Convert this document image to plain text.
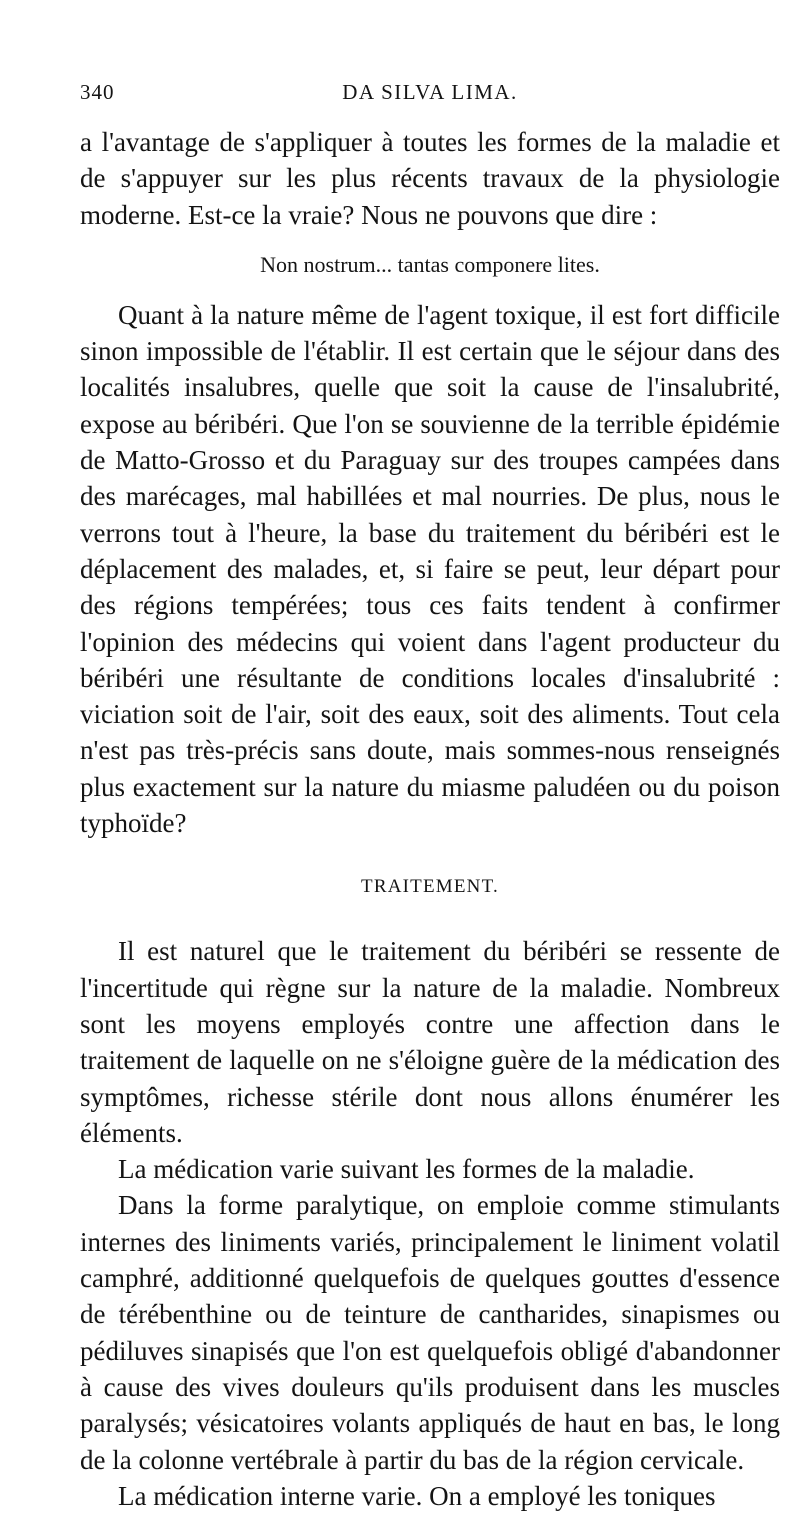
340	DA SILVA LIMA.

a l'avantage de s'appliquer à toutes les formes de la maladie et de s'appuyer sur les plus récents travaux de la physiologie moderne. Est-ce la vraie? Nous ne pouvons que dire :

Non nostrum... tantas componere lites.

Quant à la nature même de l'agent toxique, il est fort difficile sinon impossible de l'établir. Il est certain que le séjour dans des localités insalubres, quelle que soit la cause de l'insalubrité, expose au béribéri. Que l'on se souvienne de la terrible épidémie de Matto-Grosso et du Paraguay sur des troupes campées dans des marécages, mal habillées et mal nourries. De plus, nous le verrons tout à l'heure, la base du traitement du béribéri est le déplacement des malades, et, si faire se peut, leur départ pour des régions tempérées; tous ces faits tendent à confirmer l'opinion des médecins qui voient dans l'agent producteur du béribéri une résultante de conditions locales d'insalubrité : viciation soit de l'air, soit des eaux, soit des aliments. Tout cela n'est pas très-précis sans doute, mais sommes-nous renseignés plus exactement sur la nature du miasme paludéen ou du poison typhoïde?

TRAITEMENT.

Il est naturel que le traitement du béribéri se ressente de l'incertitude qui règne sur la nature de la maladie. Nombreux sont les moyens employés contre une affection dans le traitement de laquelle on ne s'éloigne guère de la médication des symptômes, richesse stérile dont nous allons énumérer les éléments.

La médication varie suivant les formes de la maladie.

Dans la forme paralytique, on emploie comme stimulants internes des liniments variés, principalement le liniment volatil camphré, additionné quelquefois de quelques gouttes d'essence de térébenthine ou de teinture de cantharides, sinapismes ou pédiluves sinapisés que l'on est quelquefois obligé d'abandonner à cause des vives douleurs qu'ils produisent dans les muscles paralysés; vésicatoires volants appliqués de haut en bas, le long de la colonne vertébrale à partir du bas de la région cervicale.

La médication interne varie. On a employé les toniques
